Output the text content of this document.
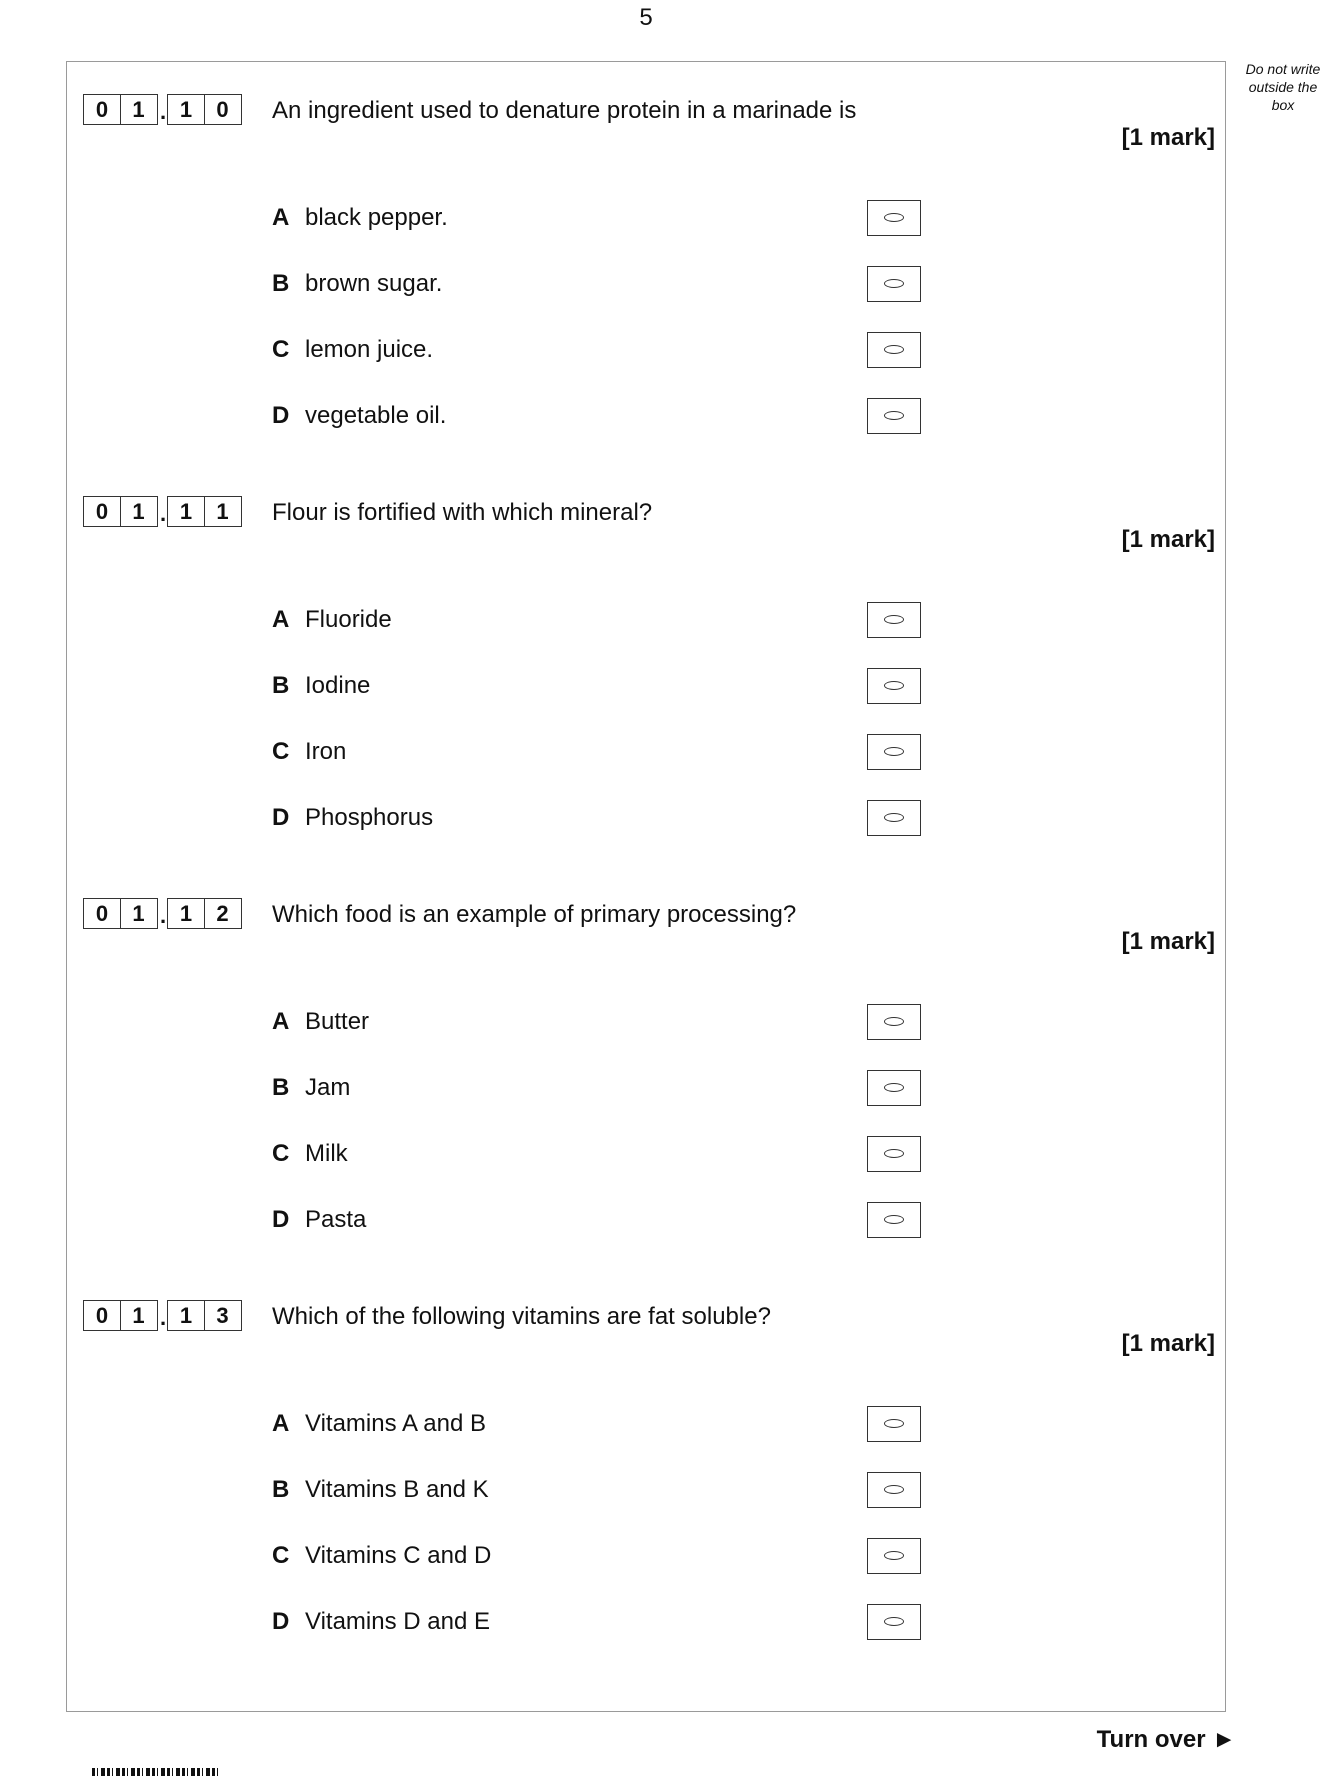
5
Do not write outside the box
0	1 . 1	0	An ingredient used to denature protein in a marinade is
[1 mark]
A black pepper.
B brown sugar.
C lemon juice.
D vegetable oil.
0	1 . 1	1	Flour is fortified with which mineral?
[1 mark]
A Fluoride
B Iodine
C Iron
D Phosphorus
0	1 . 1	2	Which food is an example of primary processing?
[1 mark]
A Butter
B Jam
C Milk
D Pasta
0	1 . 1	3	Which of the following vitamins are fat soluble?
[1 mark]
A Vitamins A and B
B Vitamins B and K
C Vitamins C and D
D Vitamins D and E
Turn over ►
